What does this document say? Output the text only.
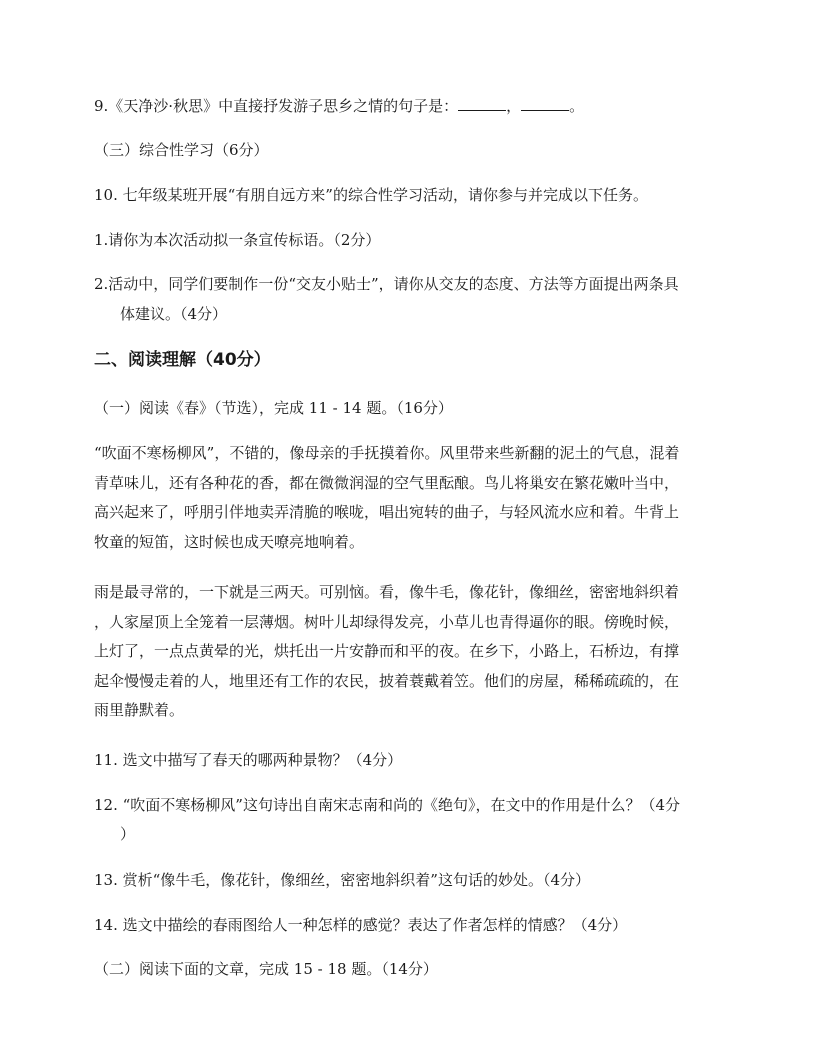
9.《天净沙·秋思》中直接抒发游子思乡之情的句子是：	，	。
（三）综合性学习（6分）
10. 七年级某班开展“有朋自远方来”的综合性学习活动，请你参与并完成以下任务。
1.请你为本次活动拟一条宣传标语。（2分）
2.活动中，同学们要制作一份“交友小贴士”，请你从交友的态度、方法等方面提出两条具
体建议。（4分）
二、阅读理解（40分）
（一）阅读《春》（节选），完成 11 - 14 题。（16分）
“吹面不寒杨柳风”，不错的，像母亲的手抚摸着你。风里带来些新翻的泥土的气息，混着
青草味儿，还有各种花的香，都在微微润湿的空气里酝酿。鸟儿将巢安在繁花嫩叶当中，
高兴起来了，呼朋引伴地卖弄清脆的喉咙，唱出宛转的曲子，与轻风流水应和着。牛背上
牧童的短笛，这时候也成天嘹亮地响着。
雨是最寻常的，一下就是三两天。可别恼。看，像牛毛，像花针，像细丝，密密地斜织着
，人家屋顶上全笼着一层薄烟。树叶儿却绿得发亮，小草儿也青得逼你的眼。傍晚时候，
上灯了，一点点黄晕的光，烘托出一片安静而和平的夜。在乡下，小路上，石桥边，有撑
起伞慢慢走着的人，地里还有工作的农民，披着蓑戴着笠。他们的房屋，稀稀疏疏的，在
雨里静默着。
11. 选文中描写了春天的哪两种景物？（4分）
12. “吹面不寒杨柳风”这句诗出自南宋志南和尚的《绝句》，在文中的作用是什么？（4分
）
13. 赏析“像牛毛，像花针，像细丝，密密地斜织着”这句话的妙处。（4分）
14. 选文中描绘的春雨图给人一种怎样的感觉？表达了作者怎样的情感？（4分）
（二）阅读下面的文章，完成 15 - 18 题。（14分）
